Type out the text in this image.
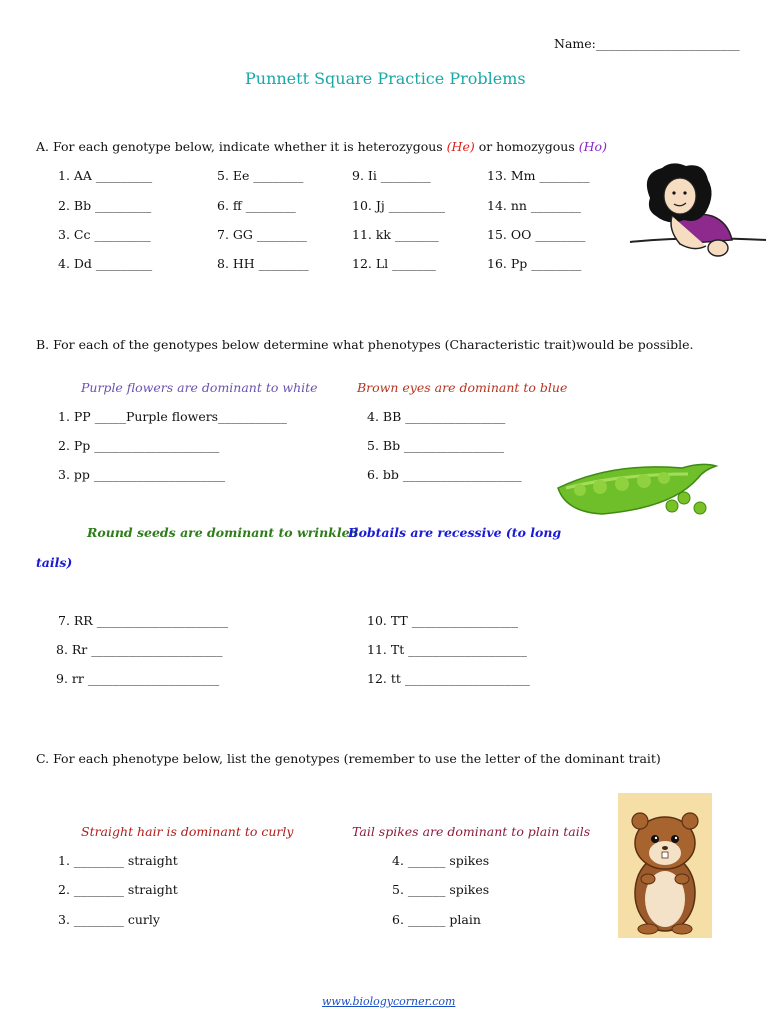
Name:_______________________
Punnett Square Practice Problems
A. For each genotype below, indicate whether it is heterozygous (He) or homozygous (Ho)
1. AA _________	5. Ee ________	9. Ii ________	13. Mm ________
2. Bb _________	6. ff ________	10. Jj _________	14. nn ________
3. Cc _________	7. GG ________	11. kk _______	15. OO ________
4. Dd _________	8. HH ________	12. Ll _______	16. Pp ________
B. For each of the genotypes below determine what phenotypes (Characteristic trait)would be possible.
Purple flowers are dominant to white	Brown eyes are dominant to blue
1. PP _____Purple flowers___________	4. BB ________________
2. Pp ____________________	5. Bb ________________
3. pp _____________________	6. bb ___________________
Round seeds are dominant to wrinkled
Bobtails are recessive (to long
tails)
7. RR _____________________	10. TT _________________
8. Rr _____________________	11. Tt ___________________
9. rr _____________________	12. tt ____________________
C. For each phenotype below, list the genotypes (remember to use the letter of the dominant trait)
Straight hair is dominant to curly	Tail spikes are dominant to plain tails
1. ________ straight	4. ______ spikes
2. ________ straight	5. ______ spikes
3. ________ curly	6. ______ plain
www.biologycorner.com
